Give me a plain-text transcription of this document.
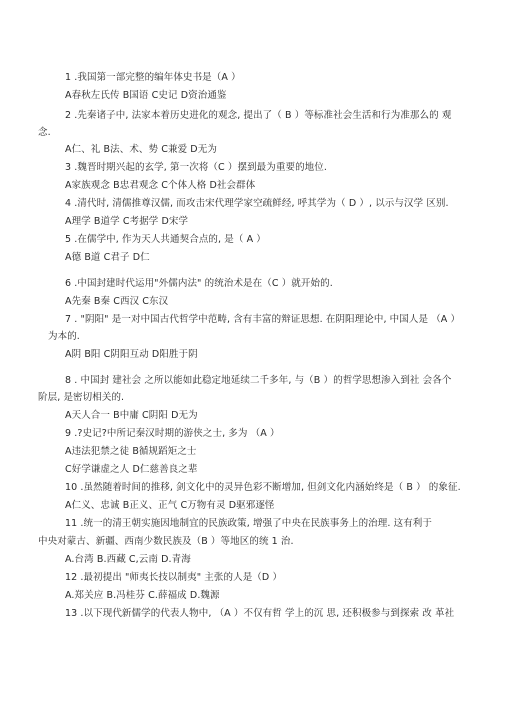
1 .我国第一部完整的编年体史书是（A ）
A春秋左氏传 B国语 C史记 D资治通鉴
2 .先秦诸子中, 法家本着历史进化的观念, 提出了（ B ）等标准社会生活和行为准那么的 观
念.
A仁、礼 B法、术、势 C兼爱 D无为
3 .魏晋时期兴起的玄学, 第一次将（C ）摆到最为重要的地位.
A家族观念 B忠君观念 C个体人格 D社会群体
4 .清代时, 清儒推尊汉儒, 而攻击宋代理学家空疏鲜经, 呼其学为（ D ）, 以示与汉学 区别.
A理学 B道学 C考据学 D宋学
5 .在儒学中, 作为天人共通契合点的, 是（ A ）
A德 B道 C君子 D仁
6 .中国封建时代运用"外儒内法" 的统治术是在（C ）就开始的.
A先秦 B秦 C西汉 C东汉
7 . "阴阳" 是一对中国古代哲学中范畴, 含有丰富的辩证思想. 在阴阳理论中, 中国人是 （A ）
为本的.
A阴 B阳 C阴阳互动 D阳胜于阴
8 . 中国封 建社会 之所以能如此稳定地延续二千多年, 与（B ）的哲学思想渗入到社 会各个
阶层, 是密切相关的.
A天人合一 B中庸 C阴阳 D无为
9 .?史记?中所记秦汉时期的游侠之士, 多为 （A ）
A违法犯禁之徒 B循规蹈矩之士
C好学谦虚之人 D仁慈善良之辈
10 .虽然随着时间的推移, 剑文化中的灵异色彩不断增加, 但剑文化内涵始终是（ B ） 的象征.
A仁义、忠诚 B正义、正气 C万物有灵 D驱邪逐怪
11 .统一的清王朝实施因地制宜的民族政策, 增强了中央在民族事务上的治理. 这有利于
中央对蒙古、新疆、西南少数民族及（B ）等地区的统 1 治.
A.台湾 B.西藏 C,云南 D.青海
12 .最初提出 "师夷长技以制夷" 主张的人是（D ）
A.郑关应 B.冯桂芬 C.薛福成 D.魏源
13 .以下现代新儒学的代表人物中, （A ）不仅有哲 学上的沉 思, 还积极参与到探索 改 革社
